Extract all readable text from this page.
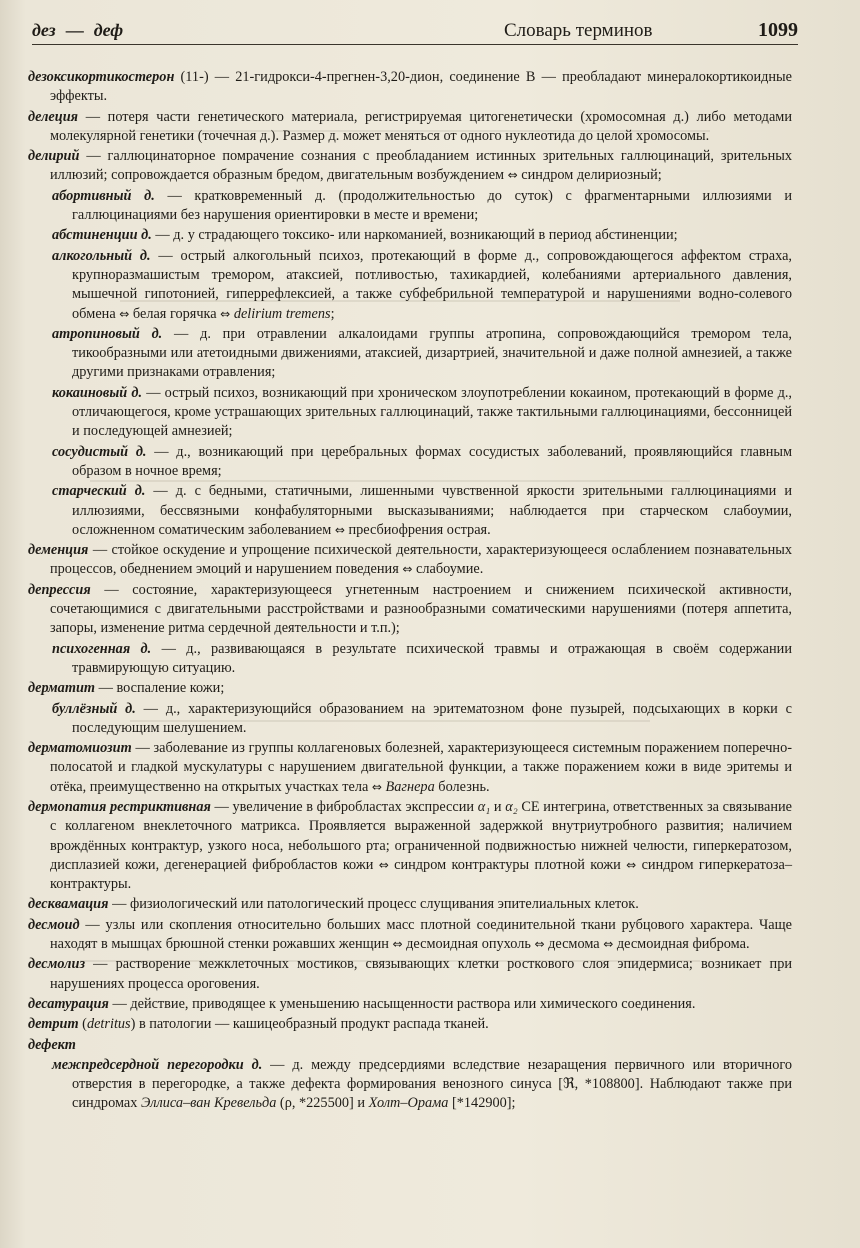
дез — деф	Словарь терминов	1099

дезоксикортикостерон (11-) — 21-гидрокси-4-прегнен-3,20-дион, соединение B — преобладают минералокортикоидные эффекты.

делеция — потеря части генетического материала, регистрируемая цитогенетически (хромосомная д.) либо методами молекулярной генетики (точечная д.). Размер д. может меняться от одного нуклеотида до целой хромосомы.

делирий — галлюцинаторное помрачение сознания с преобладанием истинных зрительных галлюцинаций, зрительных иллюзий; сопровождается образным бредом, двигательным возбуждением ⇔ синдром делириозный;

абортивный д. — кратковременный д. (продолжительностью до суток) с фрагментарными иллюзиями и галлюцинациями без нарушения ориентировки в месте и времени;

абстиненции д. — д. у страдающего токсико- или наркоманией, возникающий в период абстиненции;

алкогольный д. — острый алкогольный психоз, протекающий в форме д., сопровождающегося аффектом страха, крупноразмашистым тремором, атаксией, потливостью, тахикардией, колебаниями артериального давления, мышечной гипотонией, гиперрефлексией, а также субфебрильной температурой и нарушениями водно-солевого обмена ⇔ белая горячка ⇔ delirium tremens;

атропиновый д. — д. при отравлении алкалоидами группы атропина, сопровождающийся тремором тела, тикообразными или атетоидными движениями, атаксией, дизартрией, значительной и даже полной амнезией, а также другими признаками отравления;

кокаиновый д. — острый психоз, возникающий при хроническом злоупотреблении кокаином, протекающий в форме д., отличающегося, кроме устрашающих зрительных галлюцинаций, также тактильными галлюцинациями, бессонницей и последующей амнезией;

сосудистый д. — д., возникающий при церебральных формах сосудистых заболеваний, проявляющийся главным образом в ночное время;

старческий д. — д. с бедными, статичными, лишенными чувственной яркости зрительными галлюцинациями и иллюзиями, бессвязными конфабуляторными высказываниями; наблюдается при старческом слабоумии, осложненном соматическим заболеванием ⇔ пресбиофрения острая.

деменция — стойкое оскудение и упрощение психической деятельности, характеризующееся ослаблением познавательных процессов, обеднением эмоций и нарушением поведения ⇔ слабоумие.

депрессия — состояние, характеризующееся угнетенным настроением и снижением психической активности, сочетающимися с двигательными расстройствами и разнообразными соматическими нарушениями (потеря аппетита, запоры, изменение ритма сердечной деятельности и т.п.);

психогенная д. — д., развивающаяся в результате психической травмы и отражающая в своём содержании травмирующую ситуацию.

дерматит — воспаление кожи;

буллёзный д. — д., характеризующийся образованием на эритематозном фоне пузырей, подсыхающих в корки с последующим шелушением.

дерматомиозит — заболевание из группы коллагеновых болезней, характеризующееся системным поражением поперечно-полосатой и гладкой мускулатуры с нарушением двигательной функции, а также поражением кожи в виде эритемы и отёка, преимущественно на открытых участках тела ⇔ Вагнера болезнь.

дермопатия рестриктивная — увеличение в фибробластах экспрессии α₁ и α₂ СЕ интегрина, ответственных за связывание с коллагеном внеклеточного матрикса. Проявляется выраженной задержкой внутриутробного развития; наличием врождённых контрактур, узкого носа, небольшого рта; ограниченной подвижностью нижней челюсти, гиперкератозом, дисплазией кожи, дегенерацией фибробластов кожи ⇔ синдром контрактуры плотной кожи ⇔ синдром гиперкератоза–контрактуры.

десквамация — физиологический или патологический процесс слущивания эпителиальных клеток.

десмоид — узлы или скопления относительно больших масс плотной соединительной ткани рубцового характера. Чаще находят в мышцах брюшной стенки рожавших женщин ⇔ десмоидная опухоль ⇔ десмома ⇔ десмоидная фиброма.

десмолиз — растворение межклеточных мостиков, связывающих клетки росткового слоя эпидермиса; возникает при нарушениях процесса ороговения.

десатурация — действие, приводящее к уменьшению насыщенности раствора или химического соединения.

детрит (detritus) в патологии — кашицеобразный продукт распада тканей.

дефект

межпредсердной перегородки д. — д. между предсердиями вследствие незаращения первичного или вторичного отверстия в перегородке, а также дефекта формирования венозного синуса [ℜ, *108800]. Наблюдают также при синдромах Эллиса–ван Кревельда (ρ, *225500] и Холт–Орама [*142900];
